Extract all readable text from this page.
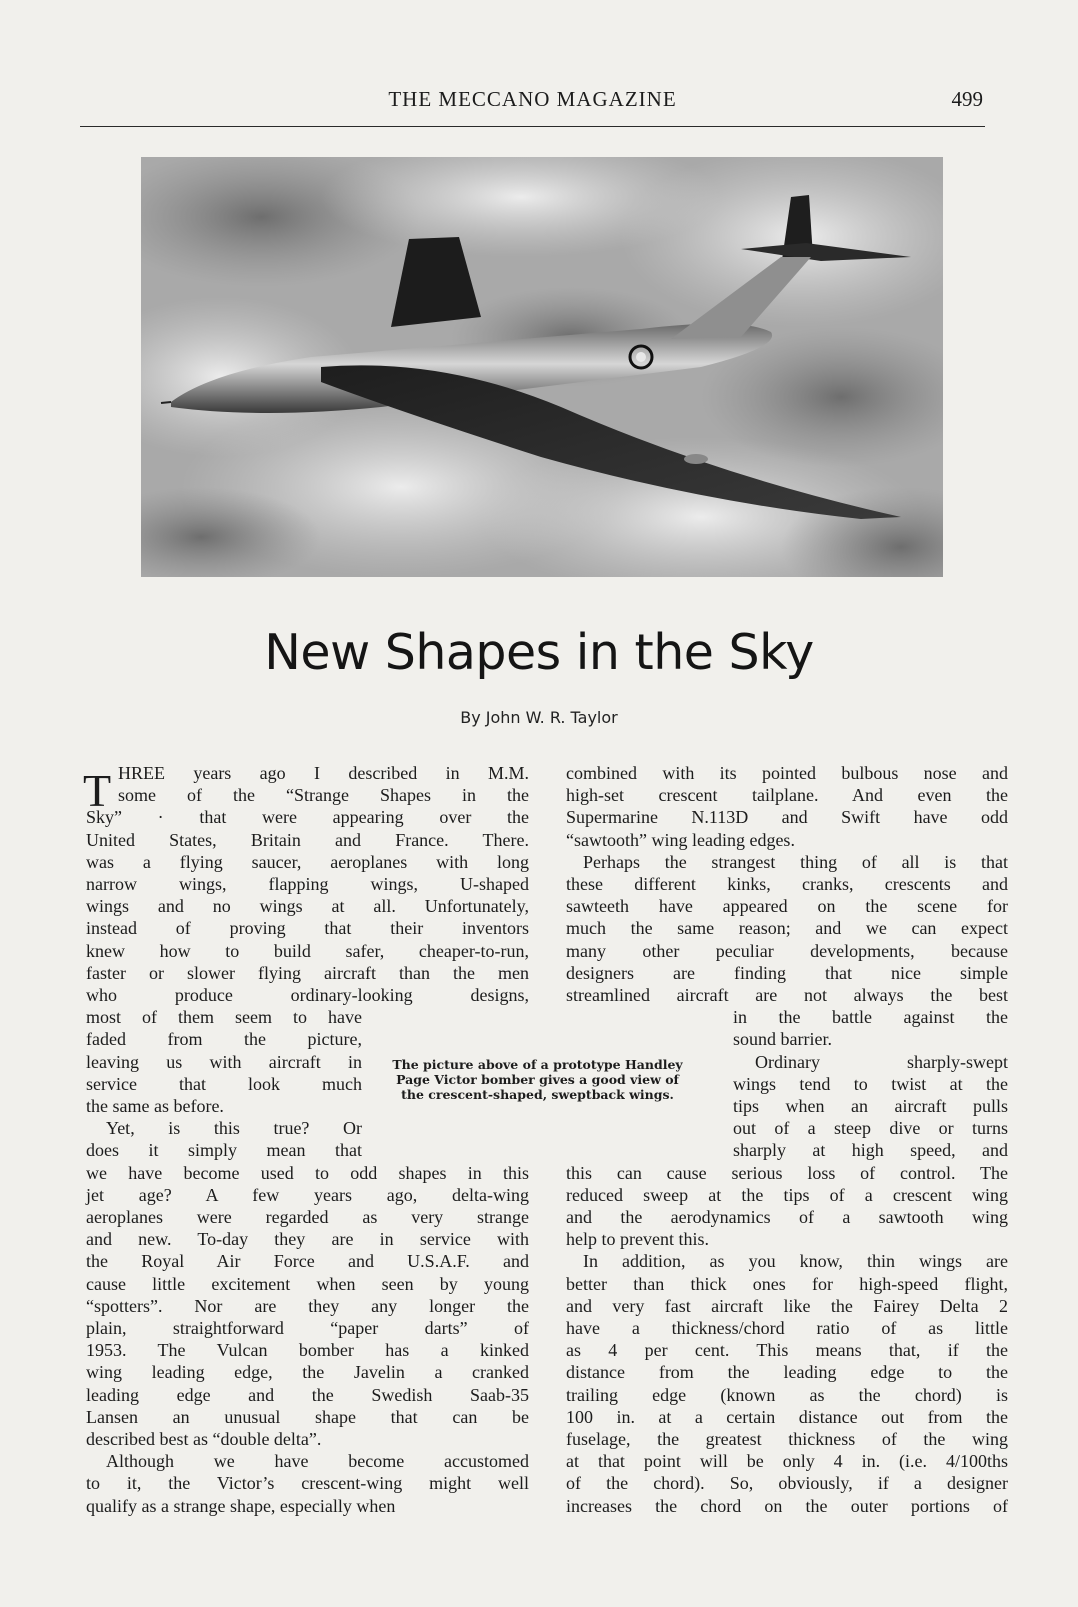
THE MECCANO MAGAZINE	499
New Shapes in the Sky
By John W. R. Taylor
T HREE years ago I described in M.M.
some of the “Strange Shapes in the
Sky” · that were appearing over the
United States, Britain and France. There.
was a flying saucer, aeroplanes with long
narrow wings, flapping wings, U-shaped
wings and no wings at all. Unfortunately,
instead of proving that their inventors
knew how to build safer, cheaper-to-run,
faster or slower flying aircraft than the men
who produce ordinary-looking designs,
most of them seem to have
faded from the picture,
leaving us with aircraft in
service that look much
the same as before.
Yet, is this true? Or
does it simply mean that
we have become used to odd shapes in this
jet age? A few years ago, delta-wing
aeroplanes were regarded as very strange
and new. To-day they are in service with
the Royal Air Force and U.S.A.F. and
cause little excitement when seen by young
“spotters”. Nor are they any longer the
plain, straightforward “paper darts” of
1953. The Vulcan bomber has a kinked
wing leading edge, the Javelin a cranked
leading edge and the Swedish Saab-35
Lansen an unusual shape that can be
described best as “double delta”.
Although we have become accustomed
to it, the Victor’s crescent-wing might well
qualify as a strange shape, especially when
combined with its pointed bulbous nose and
high-set crescent tailplane. And even the
Supermarine N.113D and Swift have odd
“sawtooth” wing leading edges.
Perhaps the strangest thing of all is that
these different kinks, cranks, crescents and
sawteeth have appeared on the scene for
much the same reason; and we can expect
many other peculiar developments, because
designers are finding that nice simple
streamlined aircraft are not always the best
in the battle against the
sound barrier.
Ordinary sharply-swept
wings tend to twist at the
tips when an aircraft pulls
out of a steep dive or turns
sharply at high speed, and
this can cause serious loss of control. The
reduced sweep at the tips of a crescent wing
and the aerodynamics of a sawtooth wing
help to prevent this.
In addition, as you know, thin wings are
better than thick ones for high-speed flight,
and very fast aircraft like the Fairey Delta 2
have a thickness/chord ratio of as little
as 4 per cent. This means that, if the
distance from the leading edge to the
trailing edge (known as the chord) is
100 in. at a certain distance out from the
fuselage, the greatest thickness of the wing
at that point will be only 4 in. (i.e. 4/100ths
of the chord). So, obviously, if a designer
increases the chord on the outer portions of
The picture above of a prototype Handley Page Victor bomber gives a good view of the crescent-shaped, sweptback wings.
